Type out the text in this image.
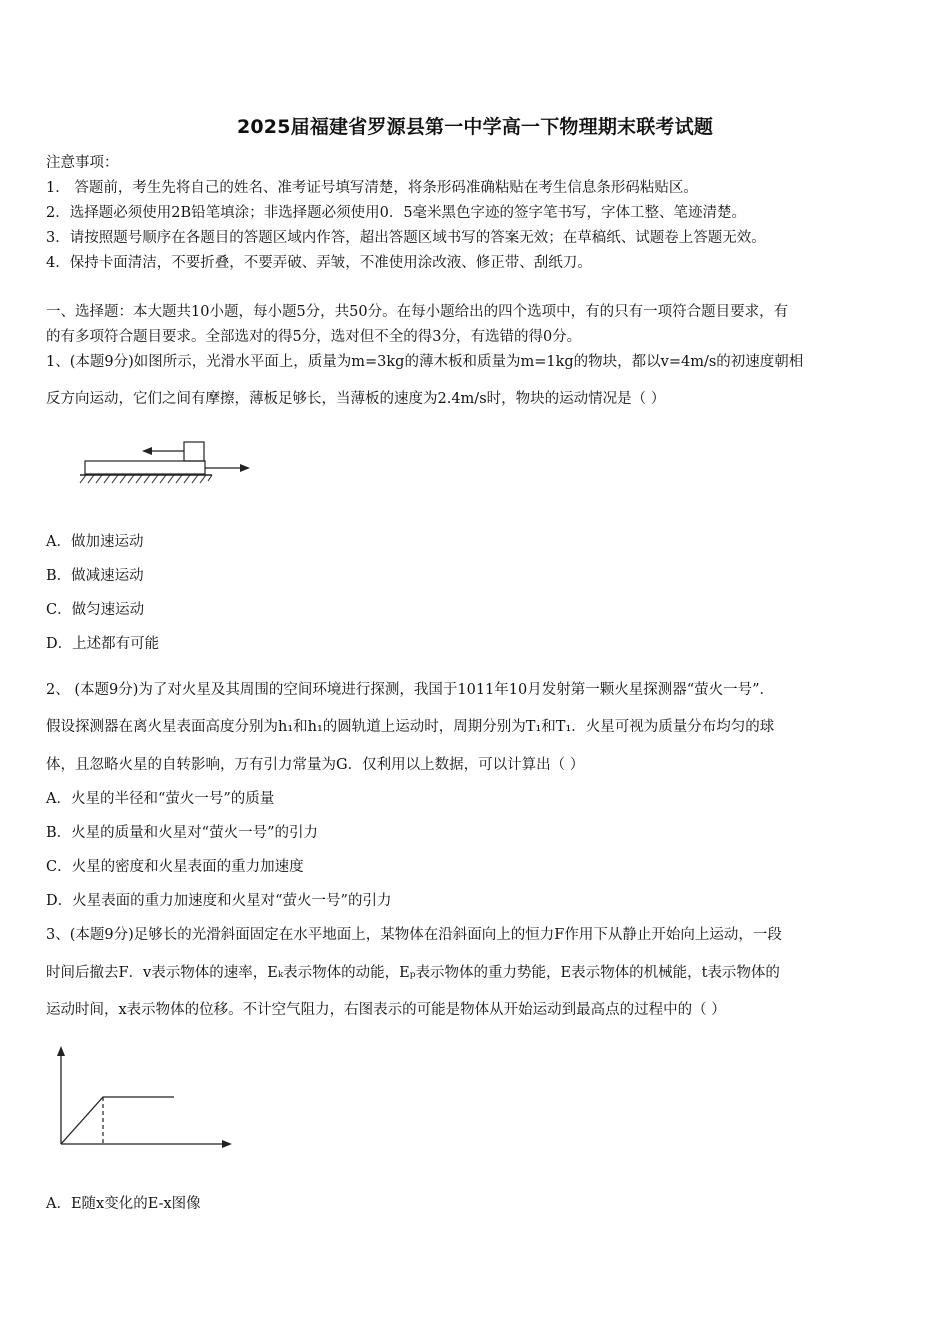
2025届福建省罗源县第一中学高一下物理期末联考试题
注意事项：
1． 答题前，考生先将自己的姓名、准考证号填写清楚，将条形码准确粘贴在考生信息条形码粘贴区。
2．选择题必须使用2B铅笔填涂；非选择题必须使用0．5毫米黑色字迹的签字笔书写，字体工整、笔迹清楚。
3．请按照题号顺序在各题目的答题区域内作答，超出答题区域书写的答案无效；在草稿纸、试题卷上答题无效。
4．保持卡面清洁，不要折叠，不要弄破、弄皱，不准使用涂改液、修正带、刮纸刀。
一、选择题：本大题共10小题，每小题5分，共50分。在每小题给出的四个选项中，有的只有一项符合题目要求，有
的有多项符合题目要求。全部选对的得5分，选对但不全的得3分，有选错的得0分。
1、(本题9分)如图所示，光滑水平面上，质量为m=3kg的薄木板和质量为m=1kg的物块，都以v=4m/s的初速度朝相
反方向运动，它们之间有摩擦，薄板足够长，当薄板的速度为2.4m/s时，物块的运动情况是（ ）
A．做加速运动
B．做减速运动
C．做匀速运动
D．上述都有可能
2、 (本题9分)为了对火星及其周围的空间环境进行探测，我国于1011年10月发射第一颗火星探测器“萤火一号”．
假设探测器在离火星表面高度分别为h₁和h₁的圆轨道上运动时，周期分别为T₁和T₁．火星可视为质量分布均匀的球
体，且忽略火星的自转影响，万有引力常量为G．仅利用以上数据，可以计算出（ ）
A．火星的半径和“萤火一号”的质量
B．火星的质量和火星对“萤火一号”的引力
C．火星的密度和火星表面的重力加速度
D．火星表面的重力加速度和火星对“萤火一号”的引力
3、(本题9分)足够长的光滑斜面固定在水平地面上，某物体在沿斜面向上的恒力F作用下从静止开始向上运动，一段
时间后撤去F．v表示物体的速率，Eₖ表示物体的动能，Eₚ表示物体的重力势能，E表示物体的机械能，t表示物体的
运动时间，x表示物体的位移。不计空气阻力，右图表示的可能是物体从开始运动到最高点的过程中的（ ）
A．E随x变化的E-x图像
